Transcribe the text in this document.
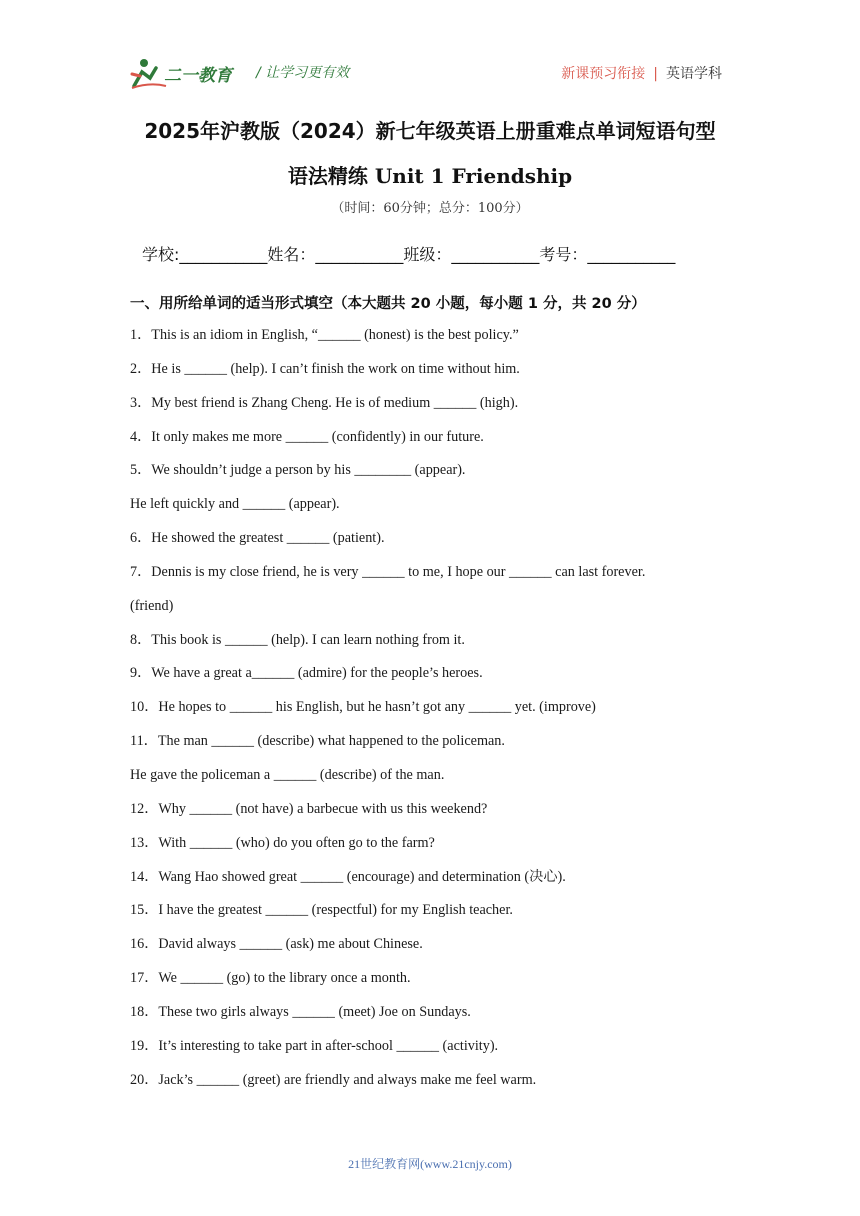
二一教育 / 让学习更有效	新课预习衔接 | 英语学科
2025年沪教版（2024）新七年级英语上册重难点单词短语句型
语法精练 Unit 1 Friendship
（时间：60分钟；总分：100分）
学校:___________姓名：___________班级：___________考号：___________
一、用所给单词的适当形式填空（本大题共 20 小题，每小题 1 分，共 20 分）
1．This is an idiom in English, “______ (honest) is the best policy.”
2．He is ______ (help). I can’t finish the work on time without him.
3．My best friend is Zhang Cheng. He is of medium ______ (high).
4．It only makes me more ______ (confidently) in our future.
5．We shouldn’t judge a person by his ________ (appear).
He left quickly and ______ (appear).
6．He showed the greatest ______ (patient).
7．Dennis is my close friend, he is very ______ to me, I hope our ______ can last forever.
(friend)
8．This book is ______ (help). I can learn nothing from it.
9．We have a great a______ (admire) for the people’s heroes.
10．He hopes to ______ his English, but he hasn’t got any ______ yet. (improve)
11．The man ______ (describe) what happened to the policeman.
He gave the policeman a ______ (describe) of the man.
12．Why ______ (not have) a barbecue with us this weekend?
13．With ______ (who) do you often go to the farm?
14．Wang Hao showed great ______ (encourage) and determination (决心).
15．I have the greatest ______ (respectful) for my English teacher.
16．David always ______ (ask) me about Chinese.
17．We ______ (go) to the library once a month.
18．These two girls always ______ (meet) Joe on Sundays.
19．It’s interesting to take part in after-school ______ (activity).
20．Jack’s ______ (greet) are friendly and always make me feel warm.
21世纪教育网(www.21cnjy.com)
